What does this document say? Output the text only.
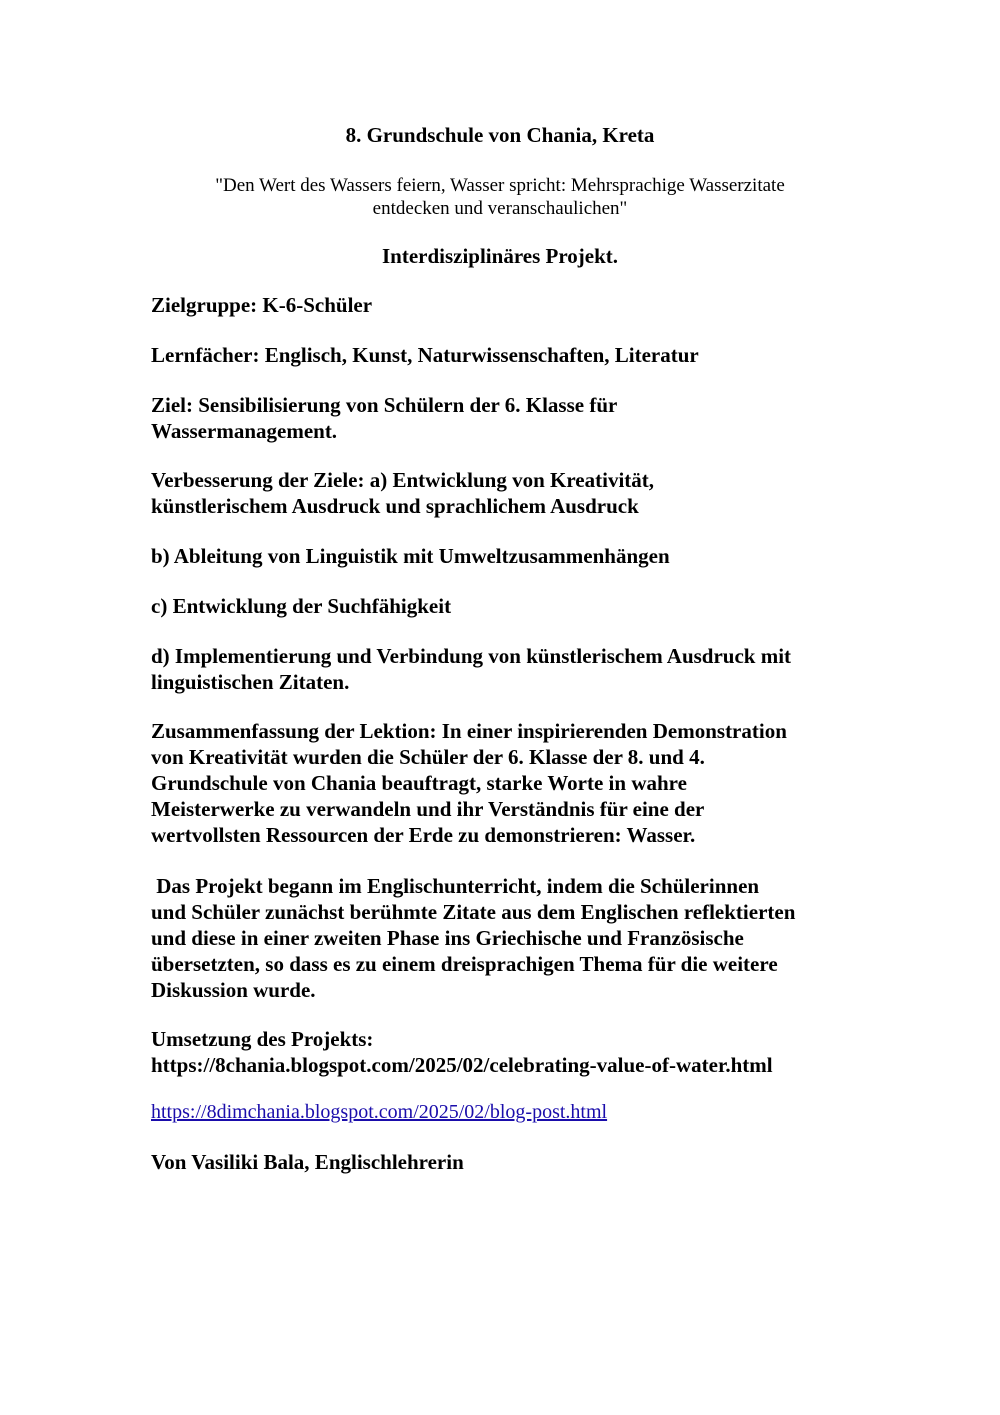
8. Grundschule von Chania, Kreta
"Den Wert des Wassers feiern, Wasser spricht: Mehrsprachige Wasserzitate
entdecken und veranschaulichen"
Interdisziplinäres Projekt.
Zielgruppe: K-6-Schüler
Lernfächer: Englisch, Kunst, Naturwissenschaften, Literatur
Ziel: Sensibilisierung von Schülern der 6. Klasse für
Wassermanagement.
Verbesserung der Ziele: a) Entwicklung von Kreativität,
künstlerischem Ausdruck und sprachlichem Ausdruck
b) Ableitung von Linguistik mit Umweltzusammenhängen
c) Entwicklung der Suchfähigkeit
d) Implementierung und Verbindung von künstlerischem Ausdruck mit
linguistischen Zitaten.
Zusammenfassung der Lektion: In einer inspirierenden Demonstration
von Kreativität wurden die Schüler der 6. Klasse der 8. und 4.
Grundschule von Chania beauftragt, starke Worte in wahre
Meisterwerke zu verwandeln und ihr Verständnis für eine der
wertvollsten Ressourcen der Erde zu demonstrieren: Wasser.
Das Projekt begann im Englischunterricht, indem die Schülerinnen
und Schüler zunächst berühmte Zitate aus dem Englischen reflektierten
und diese in einer zweiten Phase ins Griechische und Französische
übersetzten, so dass es zu einem dreisprachigen Thema für die weitere
Diskussion wurde.
Umsetzung des Projekts:
https://8chania.blogspot.com/2025/02/celebrating-value-of-water.html
https://8dimchania.blogspot.com/2025/02/blog-post.html
Von Vasiliki Bala, Englischlehrerin
